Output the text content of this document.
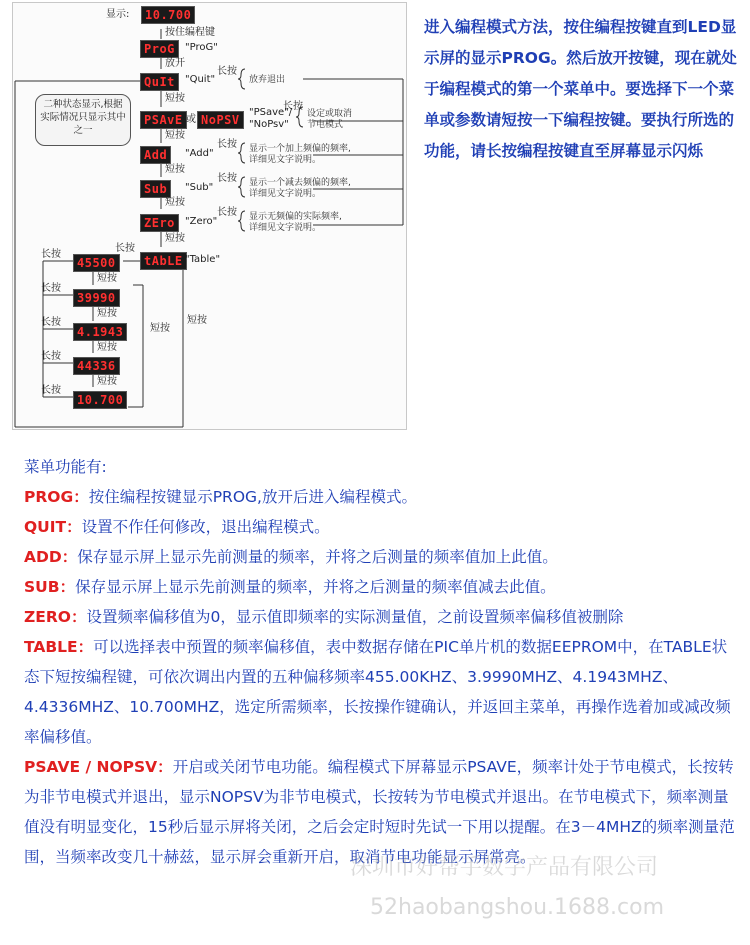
显示:	10.700
按住编程键
ProG	"ProG"
放开
QuIt	"Quit"
长按
放弃退出
短按
二种状态显示,根据实际情况只显示其中之一
PSAvE 或 NoPSV
"PSave"/
"NoPsv"
长按
设定或取消
节电模式
短按
Add	"Add"
长按 显示一个加上频偏的频率,
详细见文字说明。
短按
Sub	"Sub"
长按 显示一个减去频偏的频率,
详细见文字说明。
短按
ZEro	"Zero"
长按 显示无频偏的实际频率,
详细见文字说明。
短按
tAbLE "Table"
长按
短按
短按
长按
45500
短按
长按
39990
短按
长按
4.1943
短按
长按
44336
短按
长按
10.700
进入编程模式方法，按住编程按键直到LED显示屏的显示PROG。然后放开按键，现在就处于编程模式的第一个菜单中。要选择下一个菜单或参数请短按一下编程按键。要执行所选的功能，请长按编程按键直至屏幕显示闪烁
菜单功能有:
PROG：按住编程按键显示PROG,放开后进入编程模式。
QUIT：设置不作任何修改，退出编程模式。
ADD：保存显示屏上显示先前测量的频率，并将之后测量的频率值加上此值。
SUB：保存显示屏上显示先前测量的频率，并将之后测量的频率值减去此值。
ZERO：设置频率偏移值为0，显示值即频率的实际测量值，之前设置频率偏移值被删除
TABLE：可以选择表中预置的频率偏移值，表中数据存储在PIC单片机的数据EEPROM中，在TABLE状态下短按编程键，可依次调出内置的五种偏移频率455.00KHZ、3.9990MHZ、4.1943MHZ、4.4336MHZ、10.700MHZ，选定所需频率，长按操作键确认，并返回主菜单，再操作选着加或减改频率偏移值。
PSAVE / NOPSV：开启或关闭节电功能。编程模式下屏幕显示PSAVE，频率计处于节电模式，长按转为非节电模式并退出，显示NOPSV为非节电模式，长按转为节电模式并退出。在节电模式下，频率测量值没有明显变化，15秒后显示屏将关闭，之后会定时短时先试一下用以提醒。在3－4MHZ的频率测量范围，当频率改变几十赫兹，显示屏会重新开启，取消节电功能显示屏常亮。
深圳市好帮手数字产品有限公司
52haobangshou.1688.com
